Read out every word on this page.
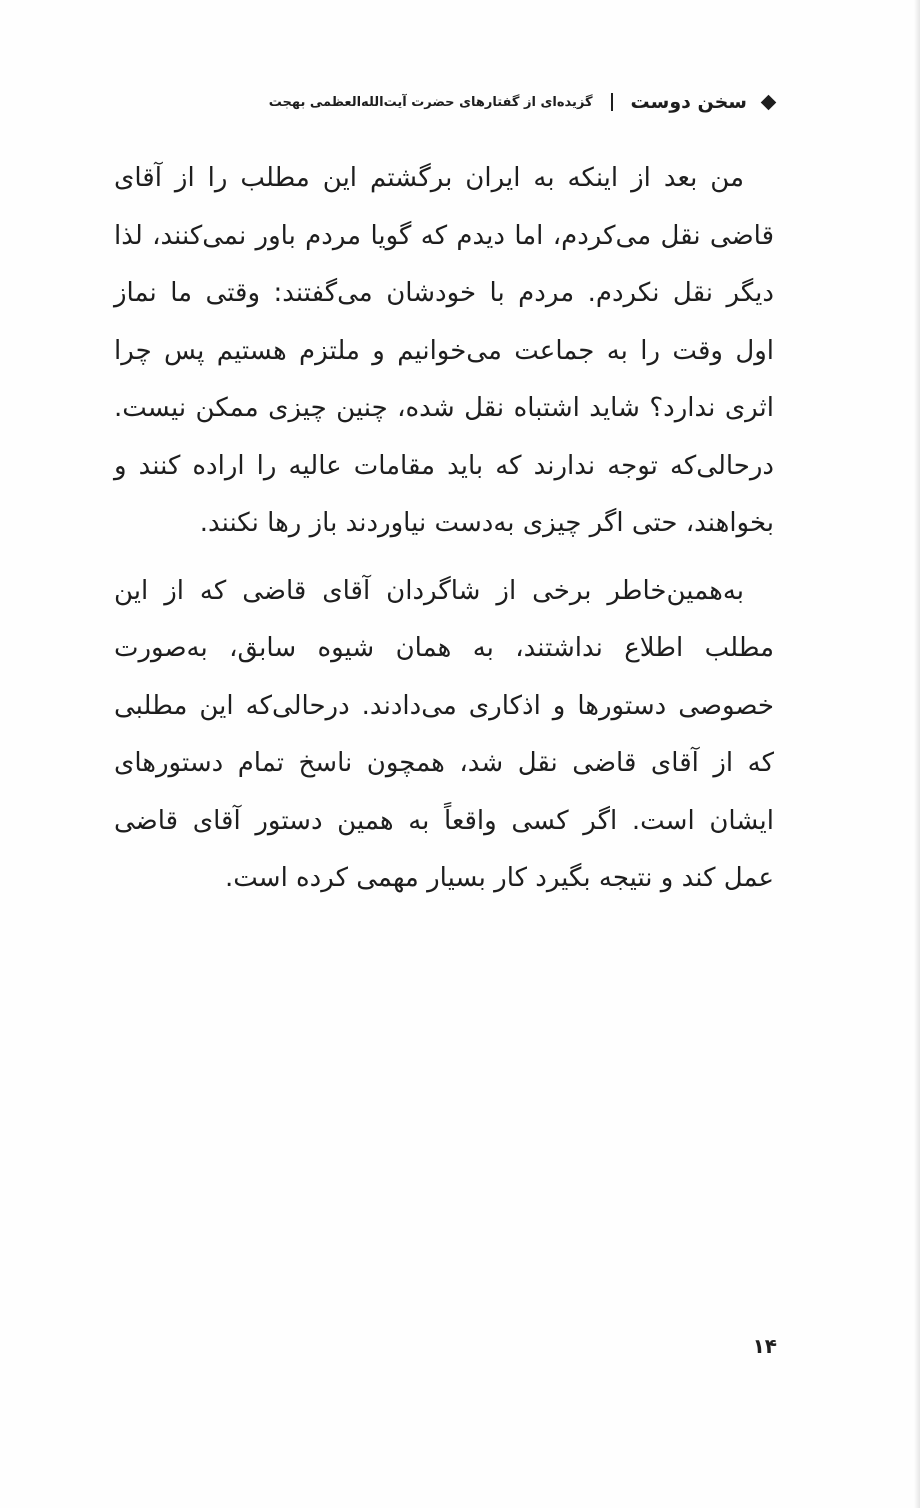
سخن دوست
گزیده‌ای از گفتارهای حضرت آیت‌الله‌العظمی بهجت

من بعد از اینکه به ایران برگشتم این مطلب را از آقای قاضی نقل می‌کردم، اما دیدم که گویا مردم باور نمی‌کنند، لذا دیگر نقل نکردم. مردم با خودشان می‌گفتند: وقتی ما نماز اول وقت را به جماعت می‌خوانیم و ملتزم هستیم پس چرا اثری ندارد؟ شاید اشتباه نقل شده، چنین چیزی ممکن نیست. درحالی‌که توجه ندارند که باید مقامات عالیه را اراده کنند و بخواهند، حتی اگر چیزی به‌دست نیاوردند باز رها نکنند.

به‌همین‌خاطر برخی از شاگردان آقای قاضی که از این مطلب اطلاع نداشتند، به همان شیوه سابق، به‌صورت خصوصی دستورها و اذکاری می‌دادند. درحالی‌که این مطلبی که از آقای قاضی نقل شد، همچون ناسخ تمام دستورهای ایشان است. اگر کسی واقعاً به همین دستور آقای قاضی عمل کند و نتیجه بگیرد کار بسیار مهمی کرده است.

۱۴
